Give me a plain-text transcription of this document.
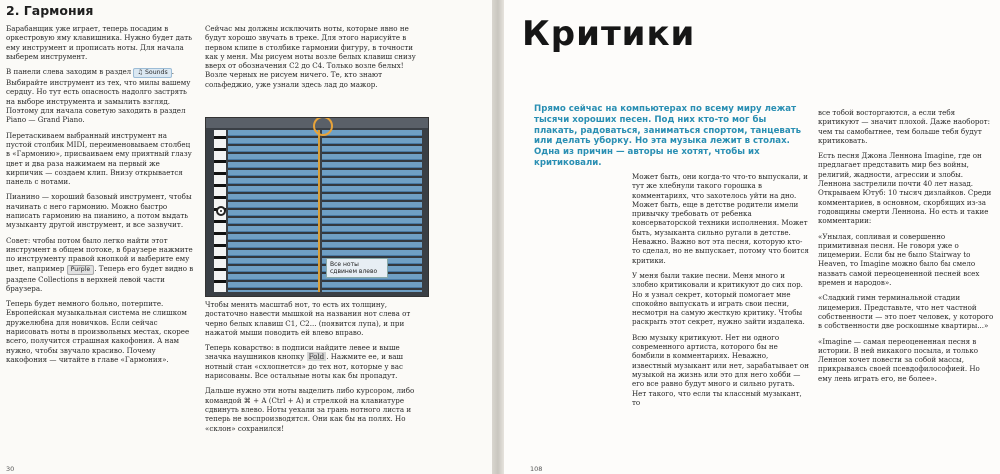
2. Гармония

Барабанщик уже играет, теперь посадим в оркестровую яму клавишника. Нужно будет дать ему инструмент и прописать ноты. Для начала выберем инструмент.

В панели слева заходим в раздел ♫ Sounds . Выбирайте инструмент из тех, что милы вашему сердцу. Но тут есть опасность надолго застрять на выборе инструмента и замылить взгляд. Поэтому для начала советую заходить в раздел Piano — Grand Piano.

Перетаскиваем выбранный инструмент на пустой столбик MIDI, переименовываем столбец в «Гармонию», присваиваем ему приятный глазу цвет и два раза нажимаем на первый же кирпичик — создаем клип. Внизу открывается панель с нотами.

Пианино — хороший базовый инструмент, чтобы начинать с него гармонию. Можно быстро написать гармонию на пианино, а потом выдать музыканту другой инструмент, и все зазвучит.

Совет: чтобы потом было легко найти этот инструмент в общем потоке, в браузере нажмите по инструменту правой кнопкой и выберите ему цвет, например Purple . Теперь его будет видно в разделе Collections в верхней левой части браузера.

Теперь будет немного больно, потерпите. Европейская музыкальная система не слишком дружелюбна для новичков. Если сейчас нарисовать ноты в произвольных местах, скорее всего, получится страшная какофония. А нам нужно, чтобы звучало красиво. Почему какофония — читайте в главе «Гармония».

Сейчас мы должны исключить ноты, которые явно не будут хорошо звучать в треке. Для этого нарисуйте в первом клипе в столбике гармонии фигуру, в точности как у меня. Мы рисуем ноты возле белых клавиш снизу вверх от обозначения C2 до C4. Только возле белых! Возле черных не рисуем ничего. Те, кто знают сольфеджио, уже узнали здесь лад до мажор.

Все ноты сдвинем влево

Чтобы менять масштаб нот, то есть их толщину, достаточно навести мышкой на названия нот слева от черно белых клавиш C1, C2... (появится лупа), и при нажатой мыши поводить ей влево вправо.

Теперь коварство: в подписи найдите левее и выше значка наушников кнопку Fold . Нажмите ее, и ваш нотный стан «схлопнется» до тех нот, которые у вас нарисованы. Все остальные ноты как бы пропадут.

Дальше нужно эти ноты выделить либо курсором, либо командой ⌘ + A (Ctrl + A) и стрелкой на клавиатуре сдвинуть влево. Ноты уехали за грань нотного листа и теперь не воспроизводятся. Они как бы на полях. Но «склон» сохранился!

30
Критики
Прямо сейчас на компьютерах по всему миру лежат тысячи хороших песен. Под них кто-то мог бы плакать, радоваться, заниматься спортом, танцевать или делать уборку. Но эта музыка лежит в столах. Одна из причин — авторы не хотят, чтобы их критиковали.

Может быть, они когда-то что-то выпускали, и тут же хлебнули такого горошка в комментариях, что захотелось уйти на дно. Может быть, еще в детстве родители имели привычку требовать от ребенка консерваторской техники исполнения. Может быть, музыканта сильно ругали в детстве. Неважно. Важно вот эта песня, которую кто-то сделал, но не выпускает, потому что боится критики.

У меня были такие песни. Меня много и злобно критиковали и критикуют до сих пор. Но я узнал секрет, который помогает мне спокойно выпускать и играть свои песни, несмотря на самую жесткую критику. Чтобы раскрыть этот секрет, нужно зайти издалека.

Всю музыку критикуют. Нет ни одного современного артиста, которого бы не бомбили в комментариях. Неважно, известный музыкант или нет, зарабатывает он музыкой на жизнь или это для него хобби — его все равно будут много и сильно ругать. Нет такого, что если ты классный музыкант, то

все тобой восторгаются, а если тебя критикуют — значит плохой. Даже наоборот: чем ты самобытнее, тем больше тебя будут критиковать.

Есть песня Джона Леннона Imagine, где он предлагает представить мир без войны, религий, жадности, агрессии и злобы. Леннона застрелили почти 40 лет назад. Открываем Ютуб: 10 тысяч дизлайков. Среди комментариев, в основном, скорбящих из-за годовщины смерти Леннона. Но есть и такие комментарии:

«Унылая, сопливая и совершенно примитивная песня. Не говоря уже о лицемерии. Если бы не было Stairway to Heaven, то Imagine можно было бы смело назвать самой переоцененной песней всех времен и народов».

«Сладкий гимн терминальной стадии лицемерия. Представьте, что нет частной собственности — это поет человек, у которого в собственности две роскошные квартиры...»

«Imagine — самая переоцененная песня в истории. В ней никакого посыла, и только Леннон хочет повести за собой массы, прикрываясь своей псевдофилософией. Но ему лень играть его, не более».

108
